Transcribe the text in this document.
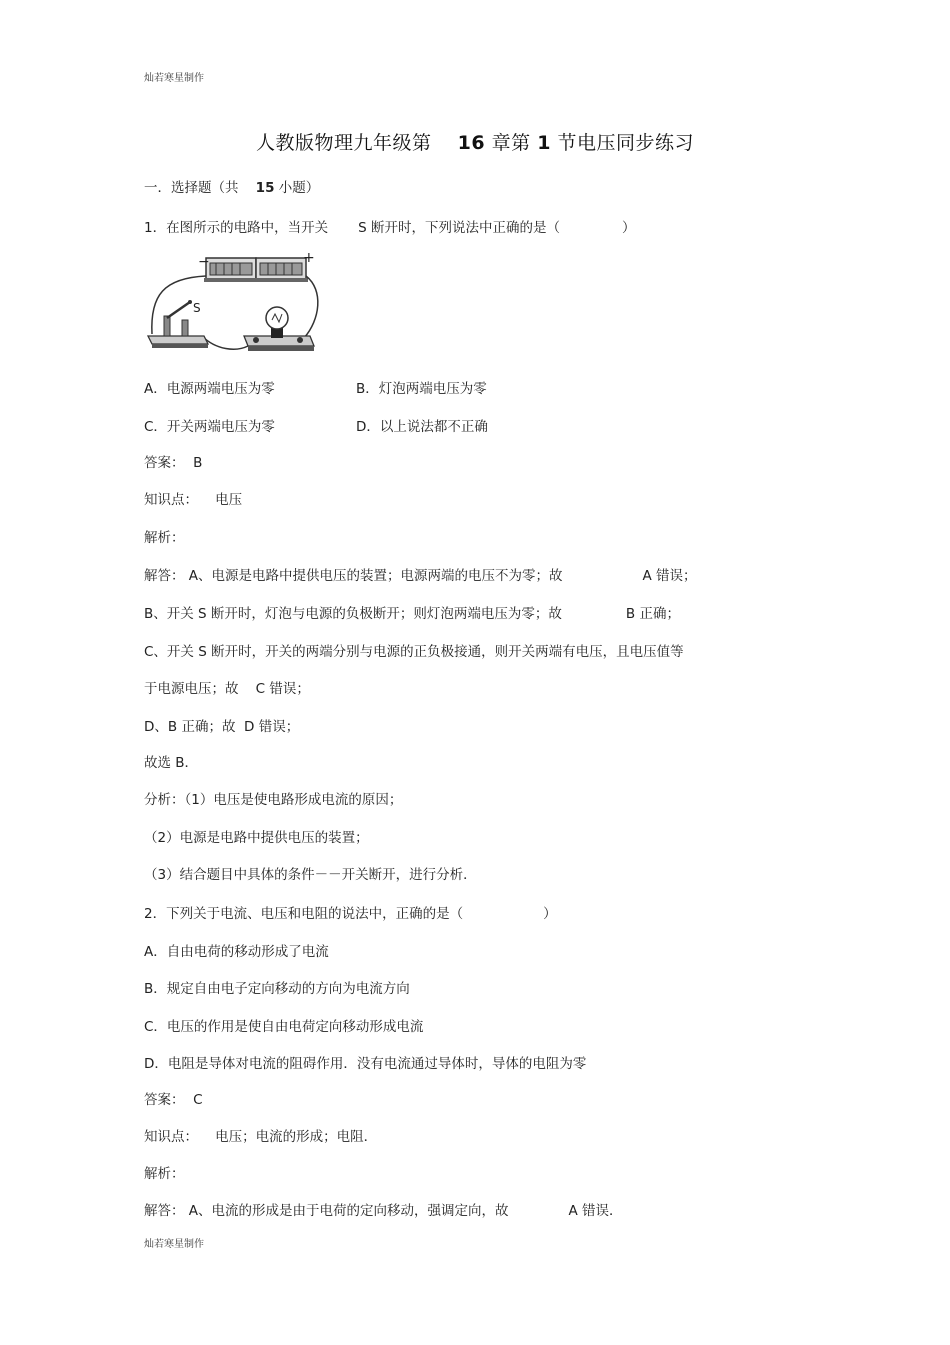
灿若寒星制作
人教版物理九年级第 16 章第 1 节电压同步练习
一．选择题（共 15 小题）
1．在图所示的电路中，当开关 S 断开时，下列说法中正确的是（	）
−	+
S
A．电源两端电压为零	B．灯泡两端电压为零
C．开关两端电压为零	D．以上说法都不正确
答案： B
知识点： 电压
解析：
解答： A、电源是电路中提供电压的装置；电源两端的电压不为零；故	A 错误；
B、开关 S 断开时，灯泡与电源的负极断开；则灯泡两端电压为零；故	B 正确；
C、开关 S 断开时，开关的两端分别与电源的正负极接通，则开关两端有电压，且电压值等
于电源电压；故 C 错误；
D、B 正确；故 D 错误；
故选 B．
分析：（1）电压是使电路形成电流的原因；
（2）电源是电路中提供电压的装置；
（3）结合题目中具体的条件－－开关断开，进行分析．
2．下列关于电流、电压和电阻的说法中，正确的是（	）
A．自由电荷的移动形成了电流
B．规定自由电子定向移动的方向为电流方向
C．电压的作用是使自由电荷定向移动形成电流
D．电阻是导体对电流的阻碍作用．没有电流通过导体时，导体的电阻为零
答案： C
知识点： 电压；电流的形成；电阻．
解析：
解答： A、电流的形成是由于电荷的定向移动，强调定向，故	A 错误．
灿若寒星制作
